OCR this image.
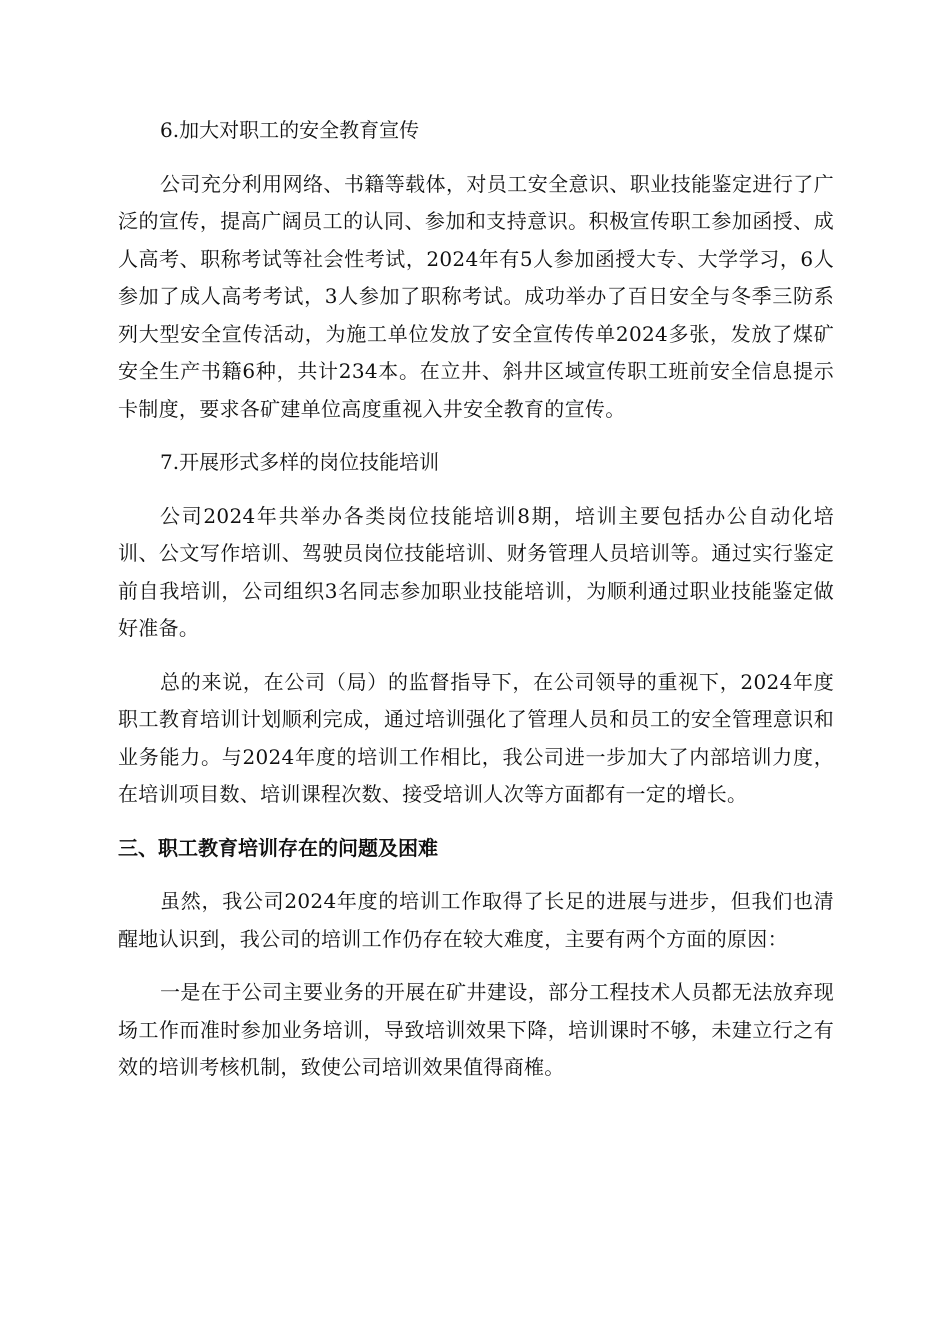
6.加大对职工的安全教育宣传

公司充分利用网络、书籍等载体，对员工安全意识、职业技能鉴定进行了广泛的宣传，提高广阔员工的认同、参加和支持意识。积极宣传职工参加函授、成人高考、职称考试等社会性考试，2024年有5人参加函授大专、大学学习，6人参加了成人高考考试，3人参加了职称考试。成功举办了百日安全与冬季三防系列大型安全宣传活动，为施工单位发放了安全宣传传单2024多张，发放了煤矿安全生产书籍6种，共计234本。在立井、斜井区域宣传职工班前安全信息提示卡制度，要求各矿建单位高度重视入井安全教育的宣传。

7.开展形式多样的岗位技能培训

公司2024年共举办各类岗位技能培训8期，培训主要包括办公自动化培训、公文写作培训、驾驶员岗位技能培训、财务管理人员培训等。通过实行鉴定前自我培训，公司组织3名同志参加职业技能培训，为顺利通过职业技能鉴定做好准备。

总的来说，在公司（局）的监督指导下，在公司领导的重视下，2024年度职工教育培训计划顺利完成，通过培训强化了管理人员和员工的安全管理意识和业务能力。与2024年度的培训工作相比，我公司进一步加大了内部培训力度，在培训项目数、培训课程次数、接受培训人次等方面都有一定的增长。

三、职工教育培训存在的问题及困难

虽然，我公司2024年度的培训工作取得了长足的进展与进步，但我们也清醒地认识到，我公司的培训工作仍存在较大难度，主要有两个方面的原因：

一是在于公司主要业务的开展在矿井建设，部分工程技术人员都无法放弃现场工作而准时参加业务培训，导致培训效果下降，培训课时不够，未建立行之有效的培训考核机制，致使公司培训效果值得商榷。
